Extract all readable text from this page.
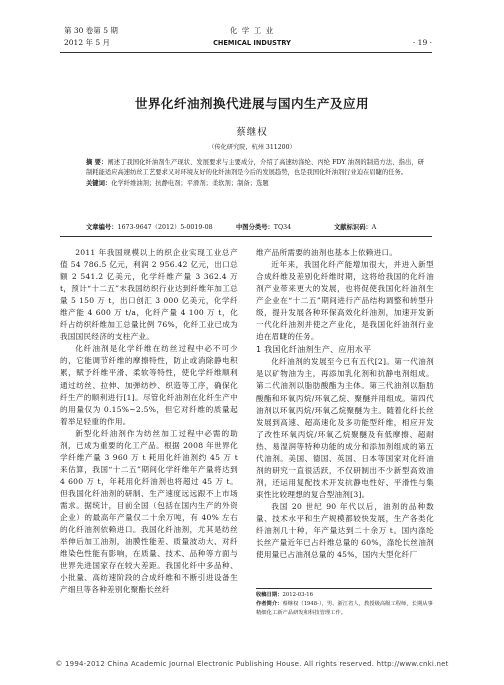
第 30 卷第 5 期
2012 年 5 月
化 学 工 业
CHEMICAL INDUSTRY	· 19 ·
世界化纤油剂换代进展与国内生产及应用
蔡继权
（传化研究院，杭州 311200）
摘 要：阐述了我国化纤油剂生产现状、发展要求与主要成分，介绍了高速纺涤纶、丙纶 FDY 油剂的制造方法、指出，研制耗能适应高速纺丝工艺要求又对环境友好的化纤油剂是今后的发展趋势，也是我国化纤油剂行业迫在眉睫的任务。
关键词：化学纤维油剂；抗静电剂；平滑剂；柔软剂；制备；选题
文章编号：1673-9647（2012）5-0019-08	中图分类号：TQ34	文献标识码：A

2011 年我国规模以上的织企业实现工业总产值 54 786.5 亿元，利润 2 956.42 亿元，出口总额 2 541.2 亿美元，化学纤维产量 3 362.4 万 t，预计“十二五”末我国纺织行业达到纤维年加工总量 5 150 万 t，出口创汇 3 000 亿美元，化学纤维产能 4 600 万 t/a，化纤产量 4 100 万 t，化纤占纺织纤维加工总量比例 76%，化纤工业已成为我国国民经济的支柱产业。

化纤油剂是化学纤维在纺丝过程中必不可少的，它能调节纤维的摩擦特性，防止或消除静电积累，赋予纤维平滑、柔软等特性，使化学纤维顺利通过纺丝、拉伸、加弹纺纱、织造等工序，确保化纤生产的顺利进行[1]。尽管化纤油剂在化纤生产中的用量仅为 0.15%~2.5%，但它对纤维的质量起着举足轻重的作用。

新型化纤油剂作为纺丝加工过程中必需的助剂，已成为重要的化工产品。根据 2008 年世界化学纤维产量 3 960 万 t 耗用化纤油剂约 45 万 t 来估算，我国“十二五”期间化学纤维年产量将达到 4 600 万 t，年耗用化纤油剂也将超过 45 万 t。但我国化纤油剂的研制、生产速度远远跟不上市场需求。据统计，目前全国（包括在国内生产的外资企业）的最高年产量仅二十余万吨，有 40% 左右的化纤油剂依赖进口。我国化纤油剂，尤其是纺丝举伸后加工油剂，油膜性能差、质量波动大、对纤维染色性能有影响，在质量、技术、品种等方面与世界先进国家存在较大差距。我国化纤中多品种、小批量、高纺速阶段的合成纤维和不断引进设备生产细旦等各种差别化聚酯长丝纤

维产品所需要的油剂也基本上依赖进口。

近年来，我国化纤产能增加很大，并进入新型合成纤维及差别化纤维时期，这将给我国的化纤油剂产业带来更大的发展，也将促使我国化纤油剂生产企业在“十二五”期间进行产品结构调整和转型升级，提升发展各种环保高效化纤油剂，加速开发新一代化纤油剂并使之产业化，是我国化纤油剂行业迫在眉睫的任务。

1 我国化纤油剂生产、应用水平

化纤油剂的发展至今已有五代[2]。第一代油剂是以矿物油为主，再添加乳化剂和抗静电剂组成。第二代油剂以脂肪酸酯为主体。第三代油剂以脂肪酸酯和环氧丙烷/环氧乙烷、聚醚并用组成。第四代油剂以环氧丙烷/环氧乙烷聚醚为主。随着化纤长丝发展到高速、超高速化及多功能型纤维，相应开发了改性环氧丙烷/环氧乙烷聚醚及有低摩擦、超耐热、易湿润等特种功能的成分和添加剂组成的第五代油剂。美国、德国、英国、日本等国家对化纤油剂的研究一直很活跃，不仅研制出不少新型高效油剂，还运用复配技术开发抗静电性好、平滑性与集束性比较理想的复合型油剂[3]。

我国 20 世纪 90 年代以后，油剂的品种数量、技术水平和生产规模都较快发展，生产各类化纤油剂几十种，年产量达到二十余万 t。国内涤纶长丝产量近年已占纤维总量的 60%，涤纶长丝油剂使用量已占油剂总量的 45%，国内大型化纤厂

收稿日期：2012-03-16
作者简介：蔡继权（1948-），男，浙江省人，教授级高级工程师，长期从事精细化工新产品研发和科技管理工作。
© 1994-2012 China Academic Journal Electronic Publishing House. All rights reserved. http://www.cnki.net
